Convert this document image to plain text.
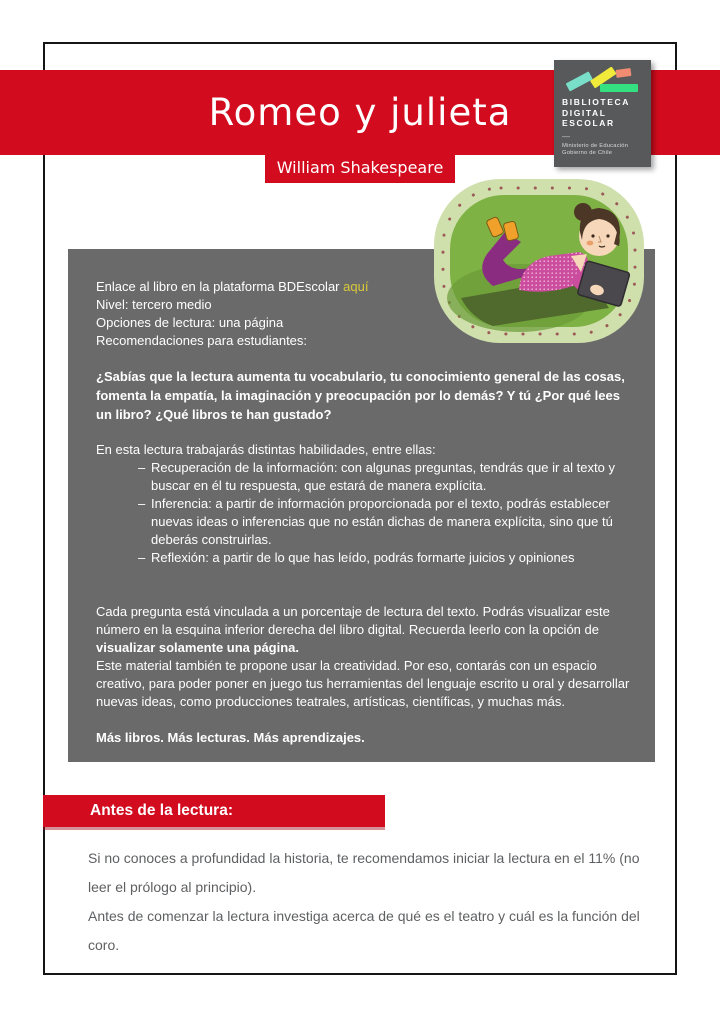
Romeo y julieta
William Shakespeare
BIBLIOTECA
DIGITAL
ESCOLAR
—
Ministerio de Educación
Gobierno de Chile

Enlace al libro en la plataforma BDEscolar aquí

Nivel: tercero medio

Opciones de lectura: una página

Recomendaciones para estudiantes:

¿Sabías que la lectura aumenta tu vocabulario, tu conocimiento general de las cosas, fomenta la empatía, la imaginación y preocupación por lo demás? Y tú ¿Por qué lees un libro? ¿Qué libros te han gustado?

En esta lectura trabajarás distintas habilidades, entre ellas:

– Recuperación de la información: con algunas preguntas, tendrás que ir al texto y buscar en él tu respuesta, que estará de manera explícita.
– Inferencia: a partir de información proporcionada por el texto, podrás establecer nuevas ideas o inferencias que no están dichas de manera explícita, sino que tú deberás construirlas.
– Reflexión: a partir de lo que has leído, podrás formarte juicios y opiniones

Cada pregunta está vinculada a un porcentaje de lectura del texto. Podrás visualizar este número en la esquina inferior derecha del libro digital. Recuerda leerlo con la opción de visualizar solamente una página.

Este material también te propone usar la creatividad. Por eso, contarás con un espacio creativo, para poder poner en juego tus herramientas del lenguaje escrito u oral y desarrollar nuevas ideas, como producciones teatrales, artísticas, científicas, y muchas más.

Más libros. Más lecturas. Más aprendizajes.

Antes de la lectura:

Si no conoces a profundidad la historia, te recomendamos iniciar la lectura en el 11% (no leer el prólogo al principio).

Antes de comenzar la lectura investiga acerca de qué es el teatro y cuál es la función del coro.
